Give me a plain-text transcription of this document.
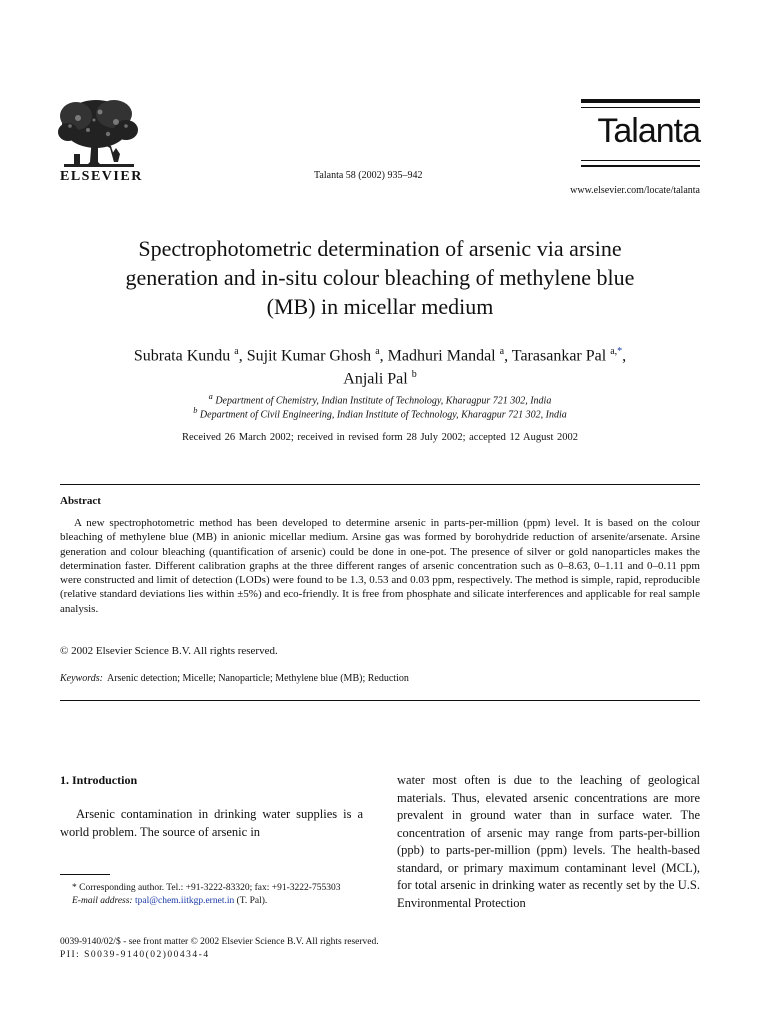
ELSEVIER	Talanta 58 (2002) 935–942
Talanta
www.elsevier.com/locate/talanta
Spectrophotometric determination of arsenic via arsine
generation and in-situ colour bleaching of methylene blue
(MB) in micellar medium
Subrata Kundu $^a$, Sujit Kumar Ghosh $^a$, Madhuri Mandal $^a$, Tarasankar Pal $^{a,*}$,
Anjali Pal $^b$
$^a$ Department of Chemistry, Indian Institute of Technology, Kharagpur 721 302, India
$^b$ Department of Civil Engineering, Indian Institute of Technology, Kharagpur 721 302, India
Received 26 March 2002; received in revised form 28 July 2002; accepted 12 August 2002
Abstract

A new spectrophotometric method has been developed to determine arsenic in parts-per-million (ppm) level. It is based on the colour bleaching of methylene blue (MB) in anionic micellar medium. Arsine gas was formed by borohydride reduction of arsenite/arsenate. Arsine generation and colour bleaching (quantification of arsenic) could be done in one-pot. The presence of silver or gold nanoparticles makes the determination faster. Different calibration graphs at the three different ranges of arsenic concentration such as 0–8.63, 0–1.11 and 0–0.11 ppm were constructed and limit of detection (LODs) were found to be 1.3, 0.53 and 0.03 ppm, respectively. The method is simple, rapid, reproducible (relative standard deviations lies within ±5%) and eco-friendly. It is free from phosphate and silicate interferences and applicable for real sample analysis.

© 2002 Elsevier Science B.V. All rights reserved.
Keywords: Arsenic detection; Micelle; Nanoparticle; Methylene blue (MB); Reduction
1. Introduction

Arsenic contamination in drinking water supplies is a world problem. The source of arsenic in

water most often is due to the leaching of geological materials. Thus, elevated arsenic concentrations are more prevalent in ground water than in surface water. The concentration of arsenic may range from parts-per-billion (ppb) to parts-per-million (ppm) levels. The health-based standard, or primary maximum contaminant level (MCL), for total arsenic in drinking water as recently set by the U.S. Environmental Protection

* Corresponding author. Tel.: +91-3222-83320; fax: +91-3222-755303
E-mail address: tpal@chem.iitkgp.ernet.in (T. Pal).
0039-9140/02/$ - see front matter © 2002 Elsevier Science B.V. All rights reserved.
PII: S0039-9140(02)00434-4
